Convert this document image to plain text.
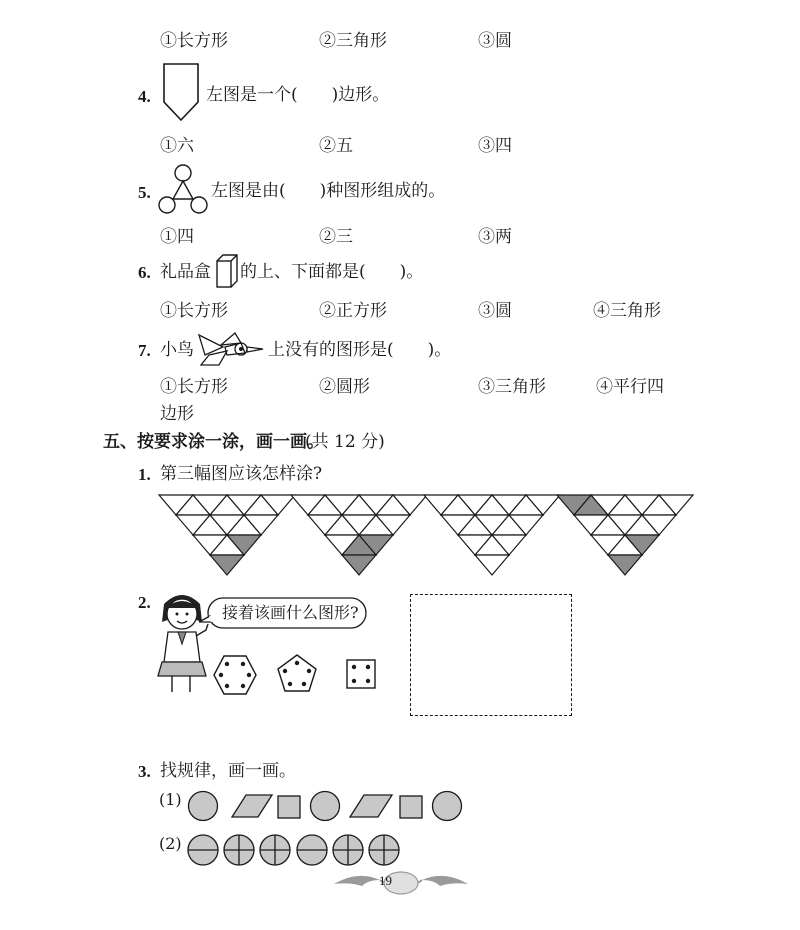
①长方形	②三角形	③圆
4.	左图是一个(　　)边形。
①六	②五	③四
5.	左图是由(　　)种图形组成的。
①四	②三	③两
6. 礼品盒 的上、下面都是(　　)。
①长方形	②正方形	③圆	④三角形
7. 小鸟	上没有的图形是(　　)。
①长方形	②圆形	③三角形	④平行四
边形
五、按要求涂一涂，画一画。
(共 12 分)
1. 第三幅图应该怎样涂?
2.
接着该画什么图形?
3. 找规律，画一画。
(1)
(2)
19
